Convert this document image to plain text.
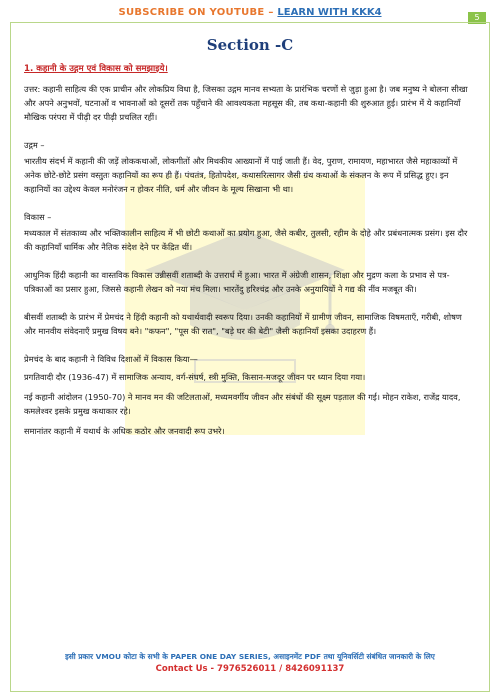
SUBSCRIBE ON YOUTUBE – LEARN WITH KKK4	5
Section -C
1. कहानी के उद्गम एवं विकास को समझाइये।

उत्तर: कहानी साहित्य की एक प्राचीन और लोकप्रिय विधा है, जिसका उद्गम मानव सभ्यता के प्रारंभिक चरणों से जुड़ा हुआ है। जब मनुष्य ने बोलना सीखा और अपने अनुभवों, घटनाओं व भावनाओं को दूसरों तक पहुँचाने की आवश्यकता महसूस की, तब कथा-कहानी की शुरुआत हुई। प्रारंभ में ये कहानियाँ मौखिक परंपरा में पीढ़ी दर पीढ़ी प्रचलित रहीं।

उद्गम –

भारतीय संदर्भ में कहानी की जड़ें लोककथाओं, लोकगीतों और मिथकीय आख्यानों में पाई जाती हैं। वेद, पुराण, रामायण, महाभारत जैसे महाकाव्यों में अनेक छोटे-छोटे प्रसंग वस्तुतः कहानियों का रूप ही हैं। पंचतंत्र, हितोपदेश, कथासरित्सागर जैसी ग्रंथ कथाओं के संकलन के रूप में प्रसिद्ध हुए। इन कहानियों का उद्देश्य केवल मनोरंजन न होकर नीति, धर्म और जीवन के मूल्य सिखाना भी था।

विकास –

मध्यकाल में संतकाव्य और भक्तिकालीन साहित्य में भी छोटी कथाओं का प्रयोग हुआ, जैसे कबीर, तुलसी, रहीम के दोहे और प्रबंधनात्मक प्रसंग। इस दौर की कहानियाँ धार्मिक और नैतिक संदेश देने पर केंद्रित थीं।

आधुनिक हिंदी कहानी का वास्तविक विकास उन्नीसवीं शताब्दी के उत्तरार्ध में हुआ। भारत में अंग्रेजी शासन, शिक्षा और मुद्रण कला के प्रभाव से पत्र-पत्रिकाओं का प्रसार हुआ, जिससे कहानी लेखन को नया मंच मिला। भारतेंदु हरिश्चंद्र और उनके अनुयायियों ने गद्य की नींव मजबूत की।

बीसवीं शताब्दी के प्रारंभ में प्रेमचंद ने हिंदी कहानी को यथार्थवादी स्वरूप दिया। उनकी कहानियों में ग्रामीण जीवन, सामाजिक विषमताएँ, गरीबी, शोषण और मानवीय संवेदनाएँ प्रमुख विषय बने। "कफन", "पूस की रात", "बड़े घर की बेटी" जैसी कहानियाँ इसका उदाहरण हैं।

प्रेमचंद के बाद कहानी ने विविध दिशाओं में विकास किया—
प्रगतिवादी दौर (1936-47) में सामाजिक अन्याय, वर्ग-संघर्ष, स्त्री मुक्ति, किसान-मजदूर जीवन पर ध्यान दिया गया।
नई कहानी आंदोलन (1950-70) ने मानव मन की जटिलताओं, मध्यमवर्गीय जीवन और संबंधों की सूक्ष्म पड़ताल की गई। मोहन राकेश, राजेंद्र यादव, कमलेश्वर इसके प्रमुख कथाकार रहे।
समानांतर कहानी में यथार्थ के अधिक कठोर और जनवादी रूप उभरे।
इसी प्रकार VMOU कोटा के सभी के PAPER ONE DAY SERIES, असाइनमेंट PDF तथा यूनिवर्सिटी संबंधित जानकारी के लिए
Contact Us - 7976526011 / 8426091137
